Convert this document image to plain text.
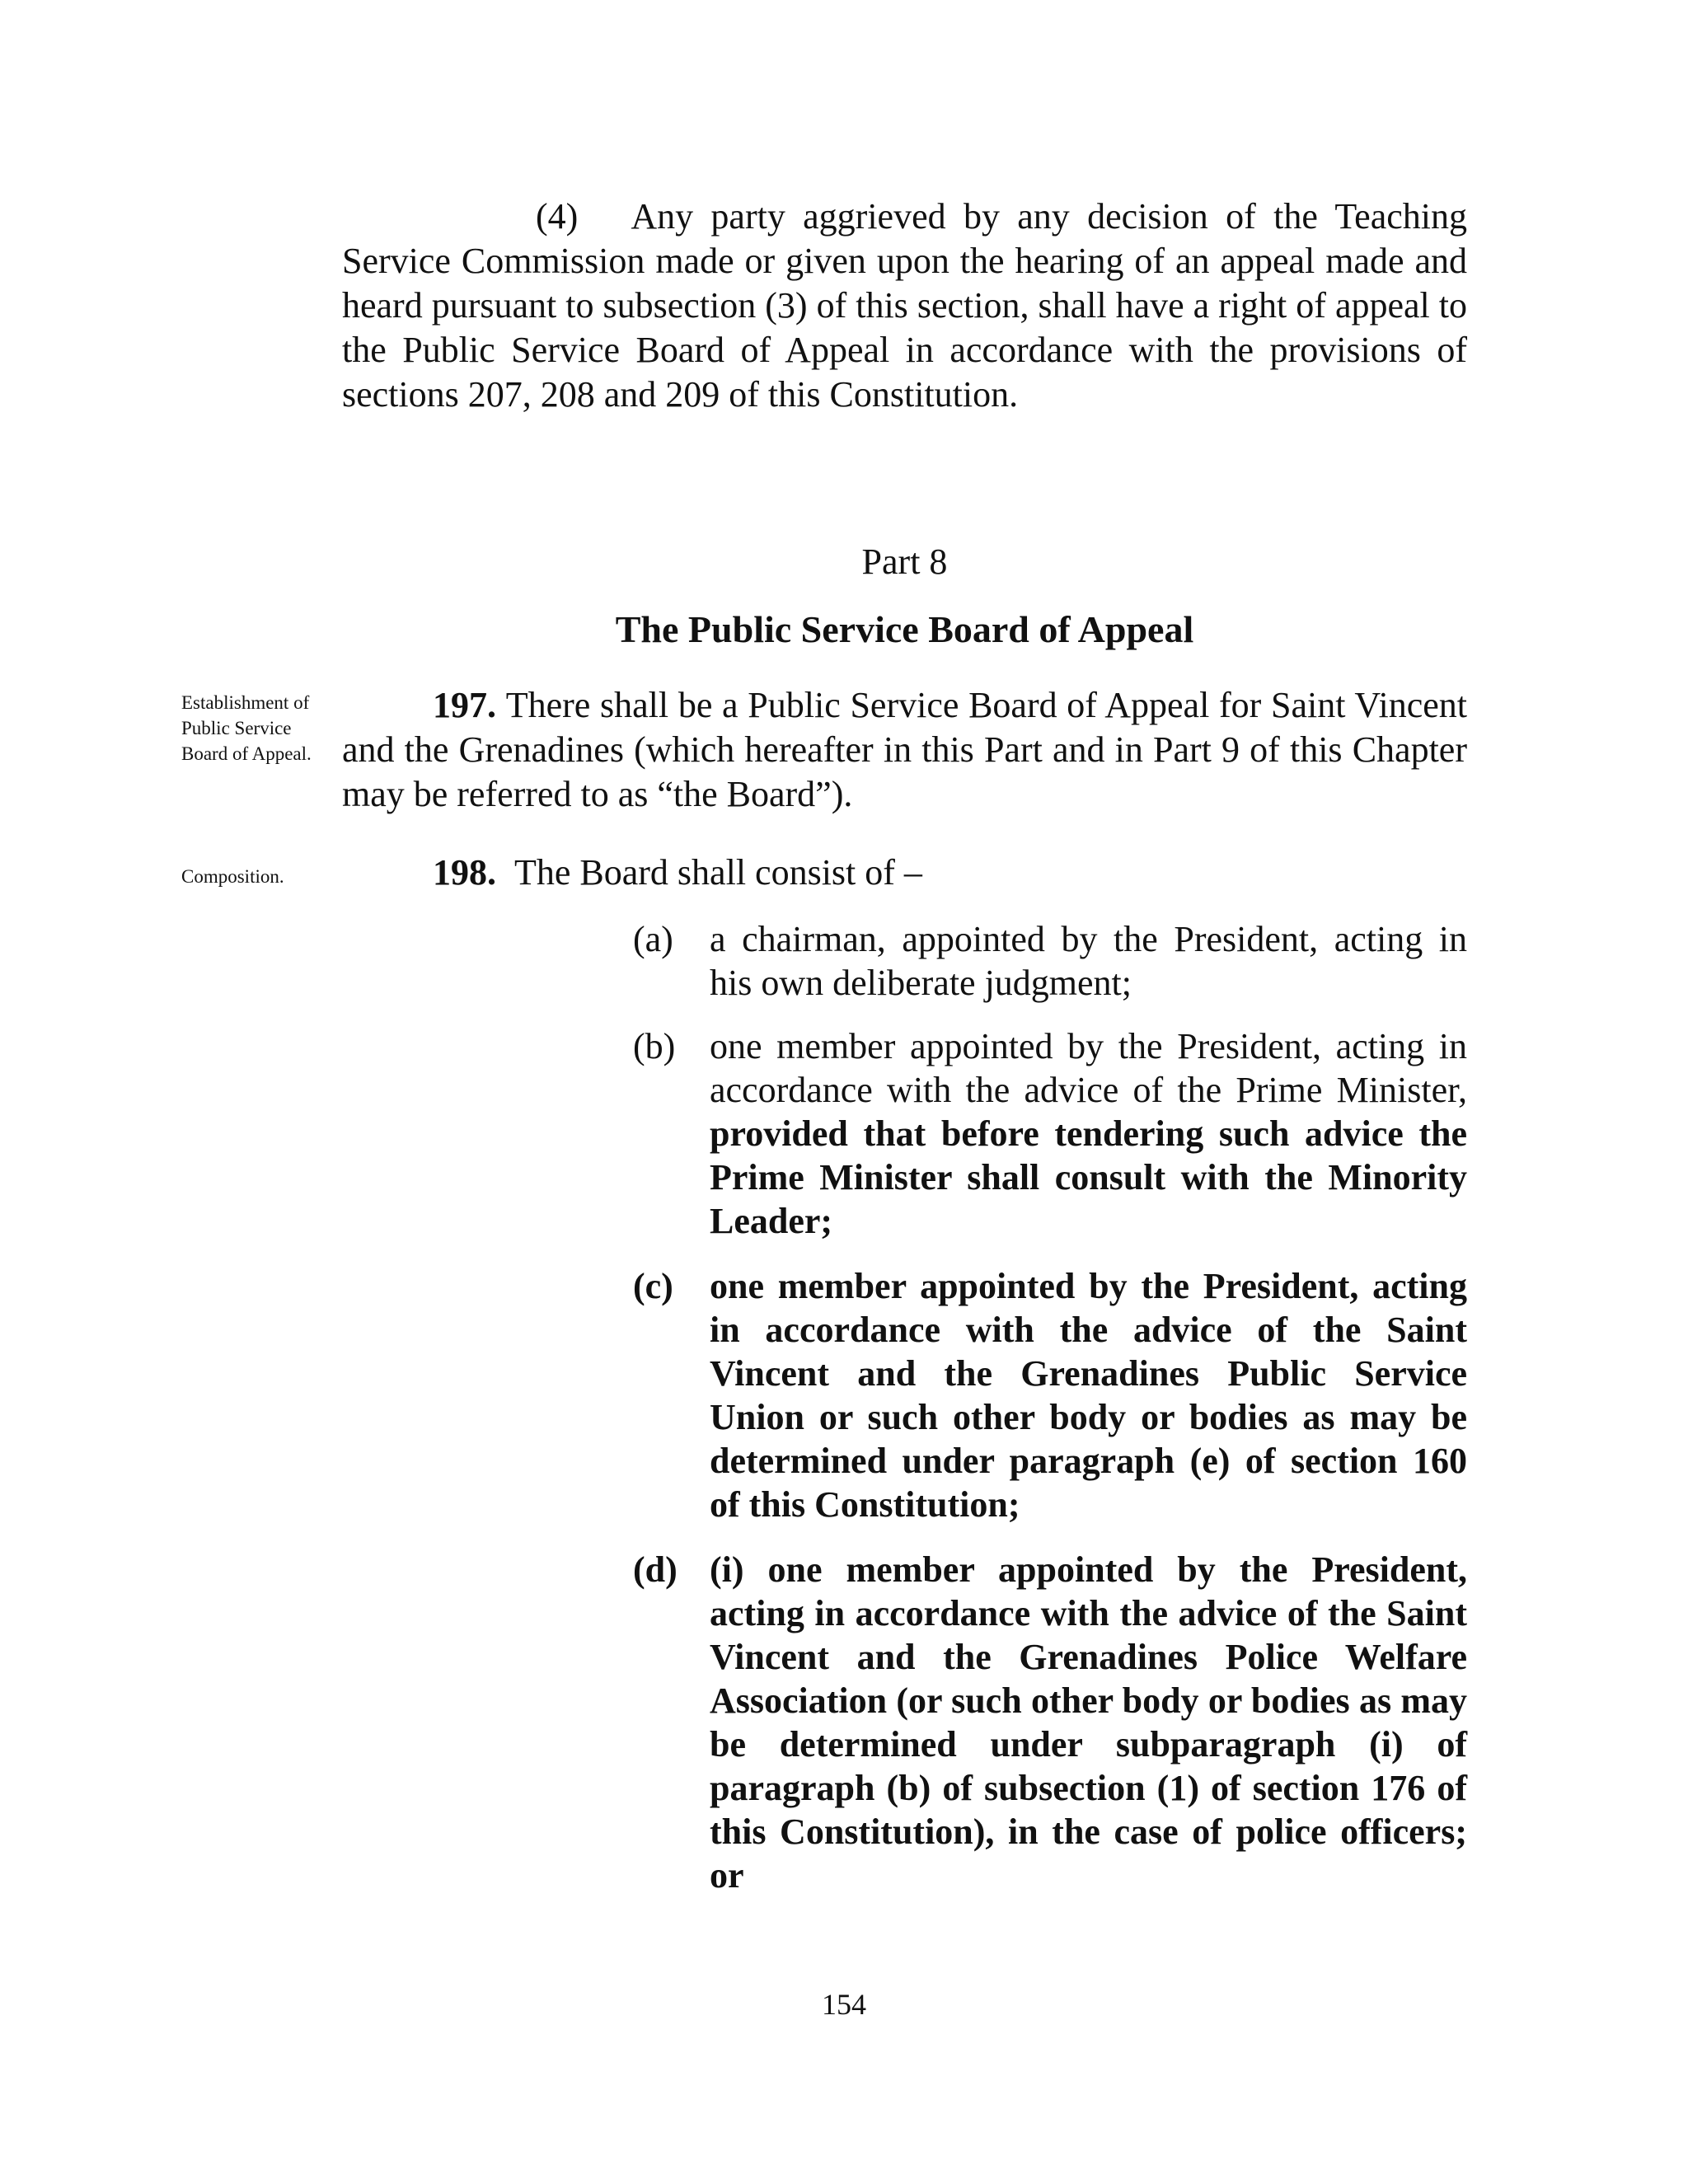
(4) Any party aggrieved by any decision of the Teaching Service Commission made or given upon the hearing of an appeal made and heard pursuant to subsection (3) of this section, shall have a right of appeal to the Public Service Board of Appeal in accordance with the provisions of sections 207, 208 and 209 of this Constitution.
Part 8
The Public Service Board of Appeal
Establishment of Public Service Board of Appeal.
197. There shall be a Public Service Board of Appeal for Saint Vincent and the Grenadines (which hereafter in this Part and in Part 9 of this Chapter may be referred to as “the Board”).
Composition.	198. The Board shall consist of –
(a)	a chairman, appointed by the President, acting in his own deliberate judgment;
(b) one member appointed by the President, acting in accordance with the advice of the Prime Minister, provided that before tendering such advice the Prime Minister shall consult with the Minority Leader;
(c)	one member appointed by the President, acting in accordance with the advice of the Saint Vincent and the Grenadines Public Service Union or such other body or bodies as may be determined under paragraph (e) of section 160 of this Constitution;
(d) (i) one member appointed by the President, acting in accordance with the advice of the Saint Vincent and the Grenadines Police Welfare Association (or such other body or bodies as may be determined under subparagraph (i) of paragraph (b) of subsection (1) of section 176 of this Constitution), in the case of police officers; or
154
